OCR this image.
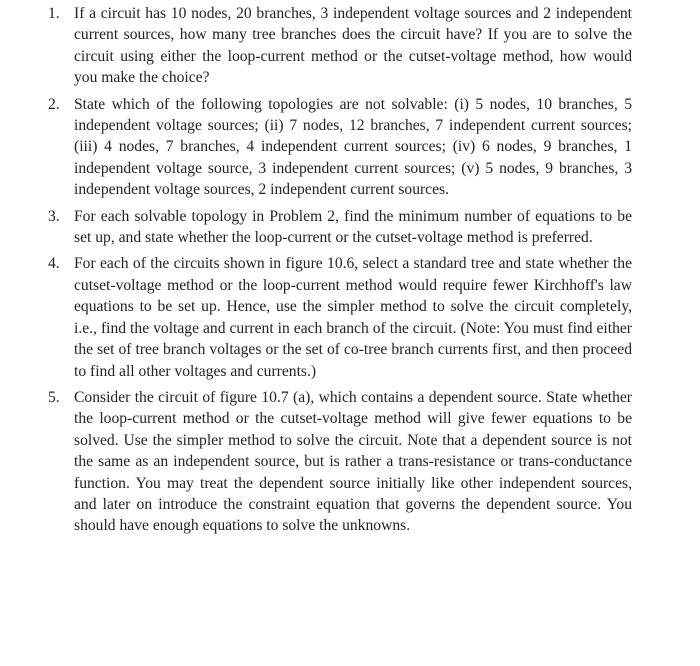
1. If a circuit has 10 nodes, 20 branches, 3 independent voltage sources and 2 independent current sources, how many tree branches does the circuit have? If you are to solve the circuit using either the loop-current method or the cutset-voltage method, how would you make the choice?
2. State which of the following topologies are not solvable: (i) 5 nodes, 10 branches, 5 independent voltage sources; (ii) 7 nodes, 12 branches, 7 independent current sources; (iii) 4 nodes, 7 branches, 4 independent current sources; (iv) 6 nodes, 9 branches, 1 independent voltage source, 3 independent current sources; (v) 5 nodes, 9 branches, 3 independent voltage sources, 2 independent current sources.
3. For each solvable topology in Problem 2, find the minimum number of equations to be set up, and state whether the loop-current or the cutset-voltage method is preferred.
4. For each of the circuits shown in figure 10.6, select a standard tree and state whether the cutset-voltage method or the loop-current method would require fewer Kirchhoff's law equations to be set up. Hence, use the simpler method to solve the circuit completely, i.e., find the voltage and current in each branch of the circuit. (Note: You must find either the set of tree branch voltages or the set of co-tree branch currents first, and then proceed to find all other voltages and currents.)
5. Consider the circuit of figure 10.7 (a), which contains a dependent source. State whether the loop-current method or the cutset-voltage method will give fewer equations to be solved. Use the simpler method to solve the circuit. Note that a dependent source is not the same as an independent source, but is rather a trans-resistance or trans-conductance function. You may treat the dependent source initially like other independent sources, and later on introduce the constraint equation that governs the dependent source. You should have enough equations to solve the unknowns.
